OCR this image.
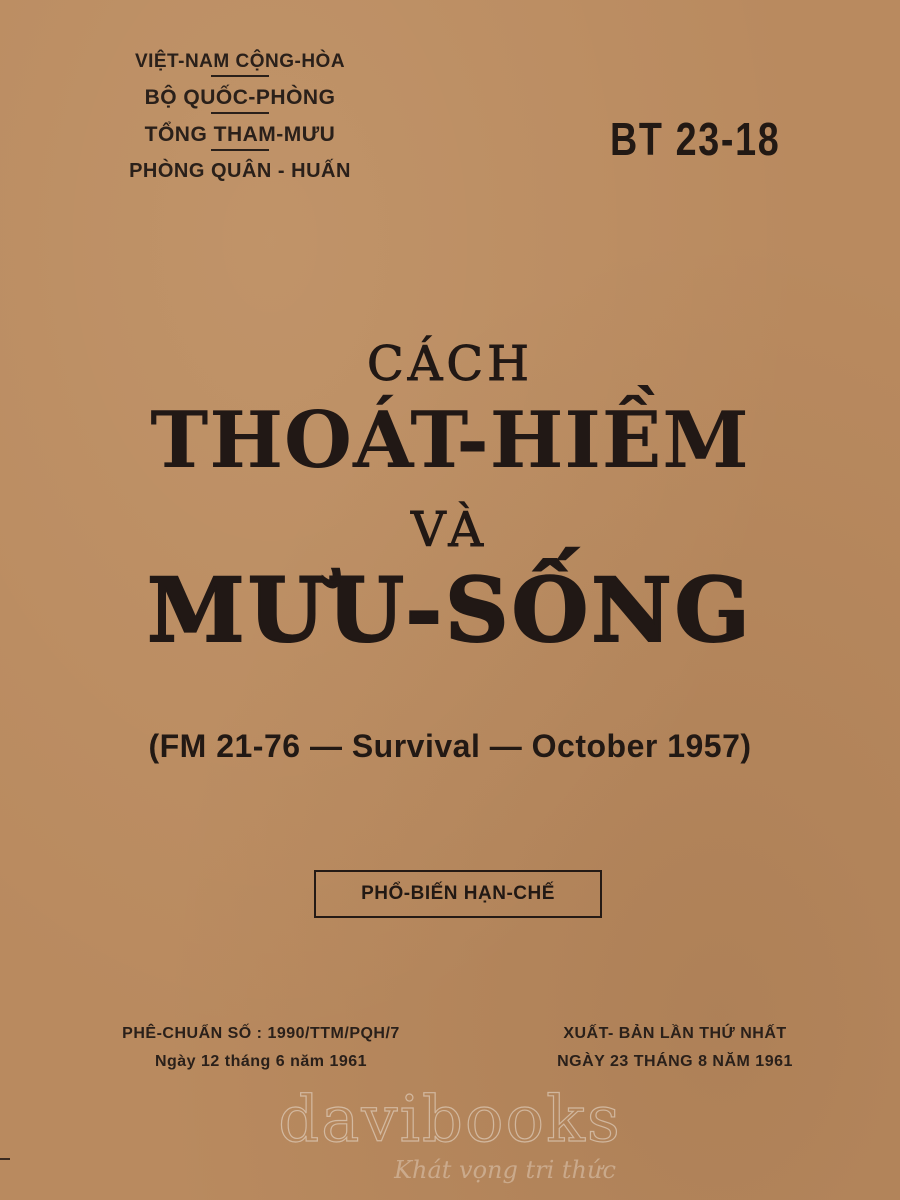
VIỆT-NAM CỘNG-HÒA
BỘ QUỐC-PHÒNG
TỔNG THAM-MƯU
PHÒNG QUÂN - HUẤN
BT 23-18
CÁCH
THOÁT-HIỀM
VÀ
MƯU-SỐNG
(FM 21-76 — Survival — October 1957)
PHỔ-BIẾN HẠN-CHẾ
PHÊ-CHUẨN SỐ : 1990/TTM/PQH/7
Ngày 12 tháng 6 năm 1961
XUẤT- BẢN LẦN THỨ NHẤT
NGÀY 23 THÁNG 8 NĂM 1961
davibooks
Khát vọng tri thức
